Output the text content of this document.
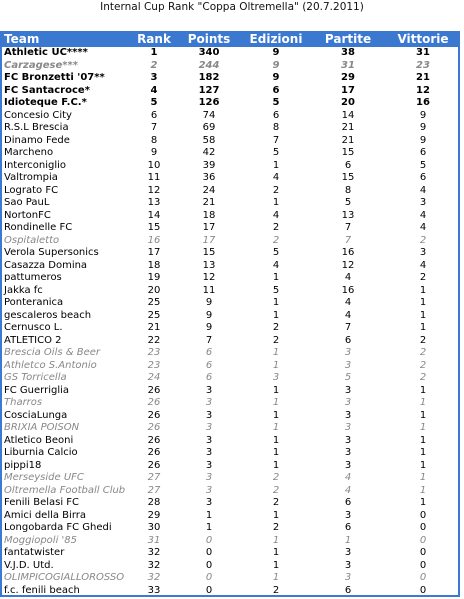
Internal Cup Rank "Coppa Oltremella" (20.7.2011)
Team	Rank	Points	Edizioni	Partite	Vittorie
Athletic UC****	1	340	9	38	31
Carzagese***	2	244	9	31	23
FC Bronzetti '07**	3	182	9	29	21
FC Santacroce*	4	127	6	17	12
Idioteque F.C.*	5	126	5	20	16
Concesio City	6	74	6	14	9
R.S.L Brescia	7	69	8	21	9
Dinamo Fede	8	58	7	21	9
Marcheno	9	42	5	15	6
Interconiglio	10	39	1	6	5
Valtrompia	11	36	4	15	6
Lograto FC	12	24	2	8	4
Sao PauL	13	21	1	5	3
NortonFC	14	18	4	13	4
Rondinelle FC	15	17	2	7	4
Ospitaletto	16	17	2	7	2
Verola Supersonics	17	15	5	16	3
Casazza Domina	18	13	4	12	4
pattumeros	19	12	1	4	2
Jakka fc	20	11	5	16	1
Ponteranica	25	9	1	4	1
gescaleros beach	25	9	1	4	1
Cernusco L.	21	9	2	7	1
ATLETICO 2	22	7	2	6	2
Brescia Oils & Beer	23	6	1	3	2
Athletco S.Antonio	23	6	1	3	2
GS Torricella	24	6	3	5	2
FC Guerriglia	26	3	1	3	1
Tharros	26	3	1	3	1
CosciaLunga	26	3	1	3	1
BRIXIA POISON	26	3	1	3	1
Atletico Beoni	26	3	1	3	1
Liburnia Calcio	26	3	1	3	1
pippi18	26	3	1	3	1
Merseyside UFC	27	3	2	4	1
Oltremella Football Club	27	3	2	4	1
Fenili Belasi FC	28	3	2	6	1
Amici della Birra	29	1	1	3	0
Longobarda FC Ghedi	30	1	2	6	0
Moggiopoli '85	31	0	1	1	0
fantatwister	32	0	1	3	0
V.J.D. Utd.	32	0	1	3	0
OLIMPICOGIALLOROSSO	32	0	1	3	0
f.c. fenili beach	33	0	2	6	0
